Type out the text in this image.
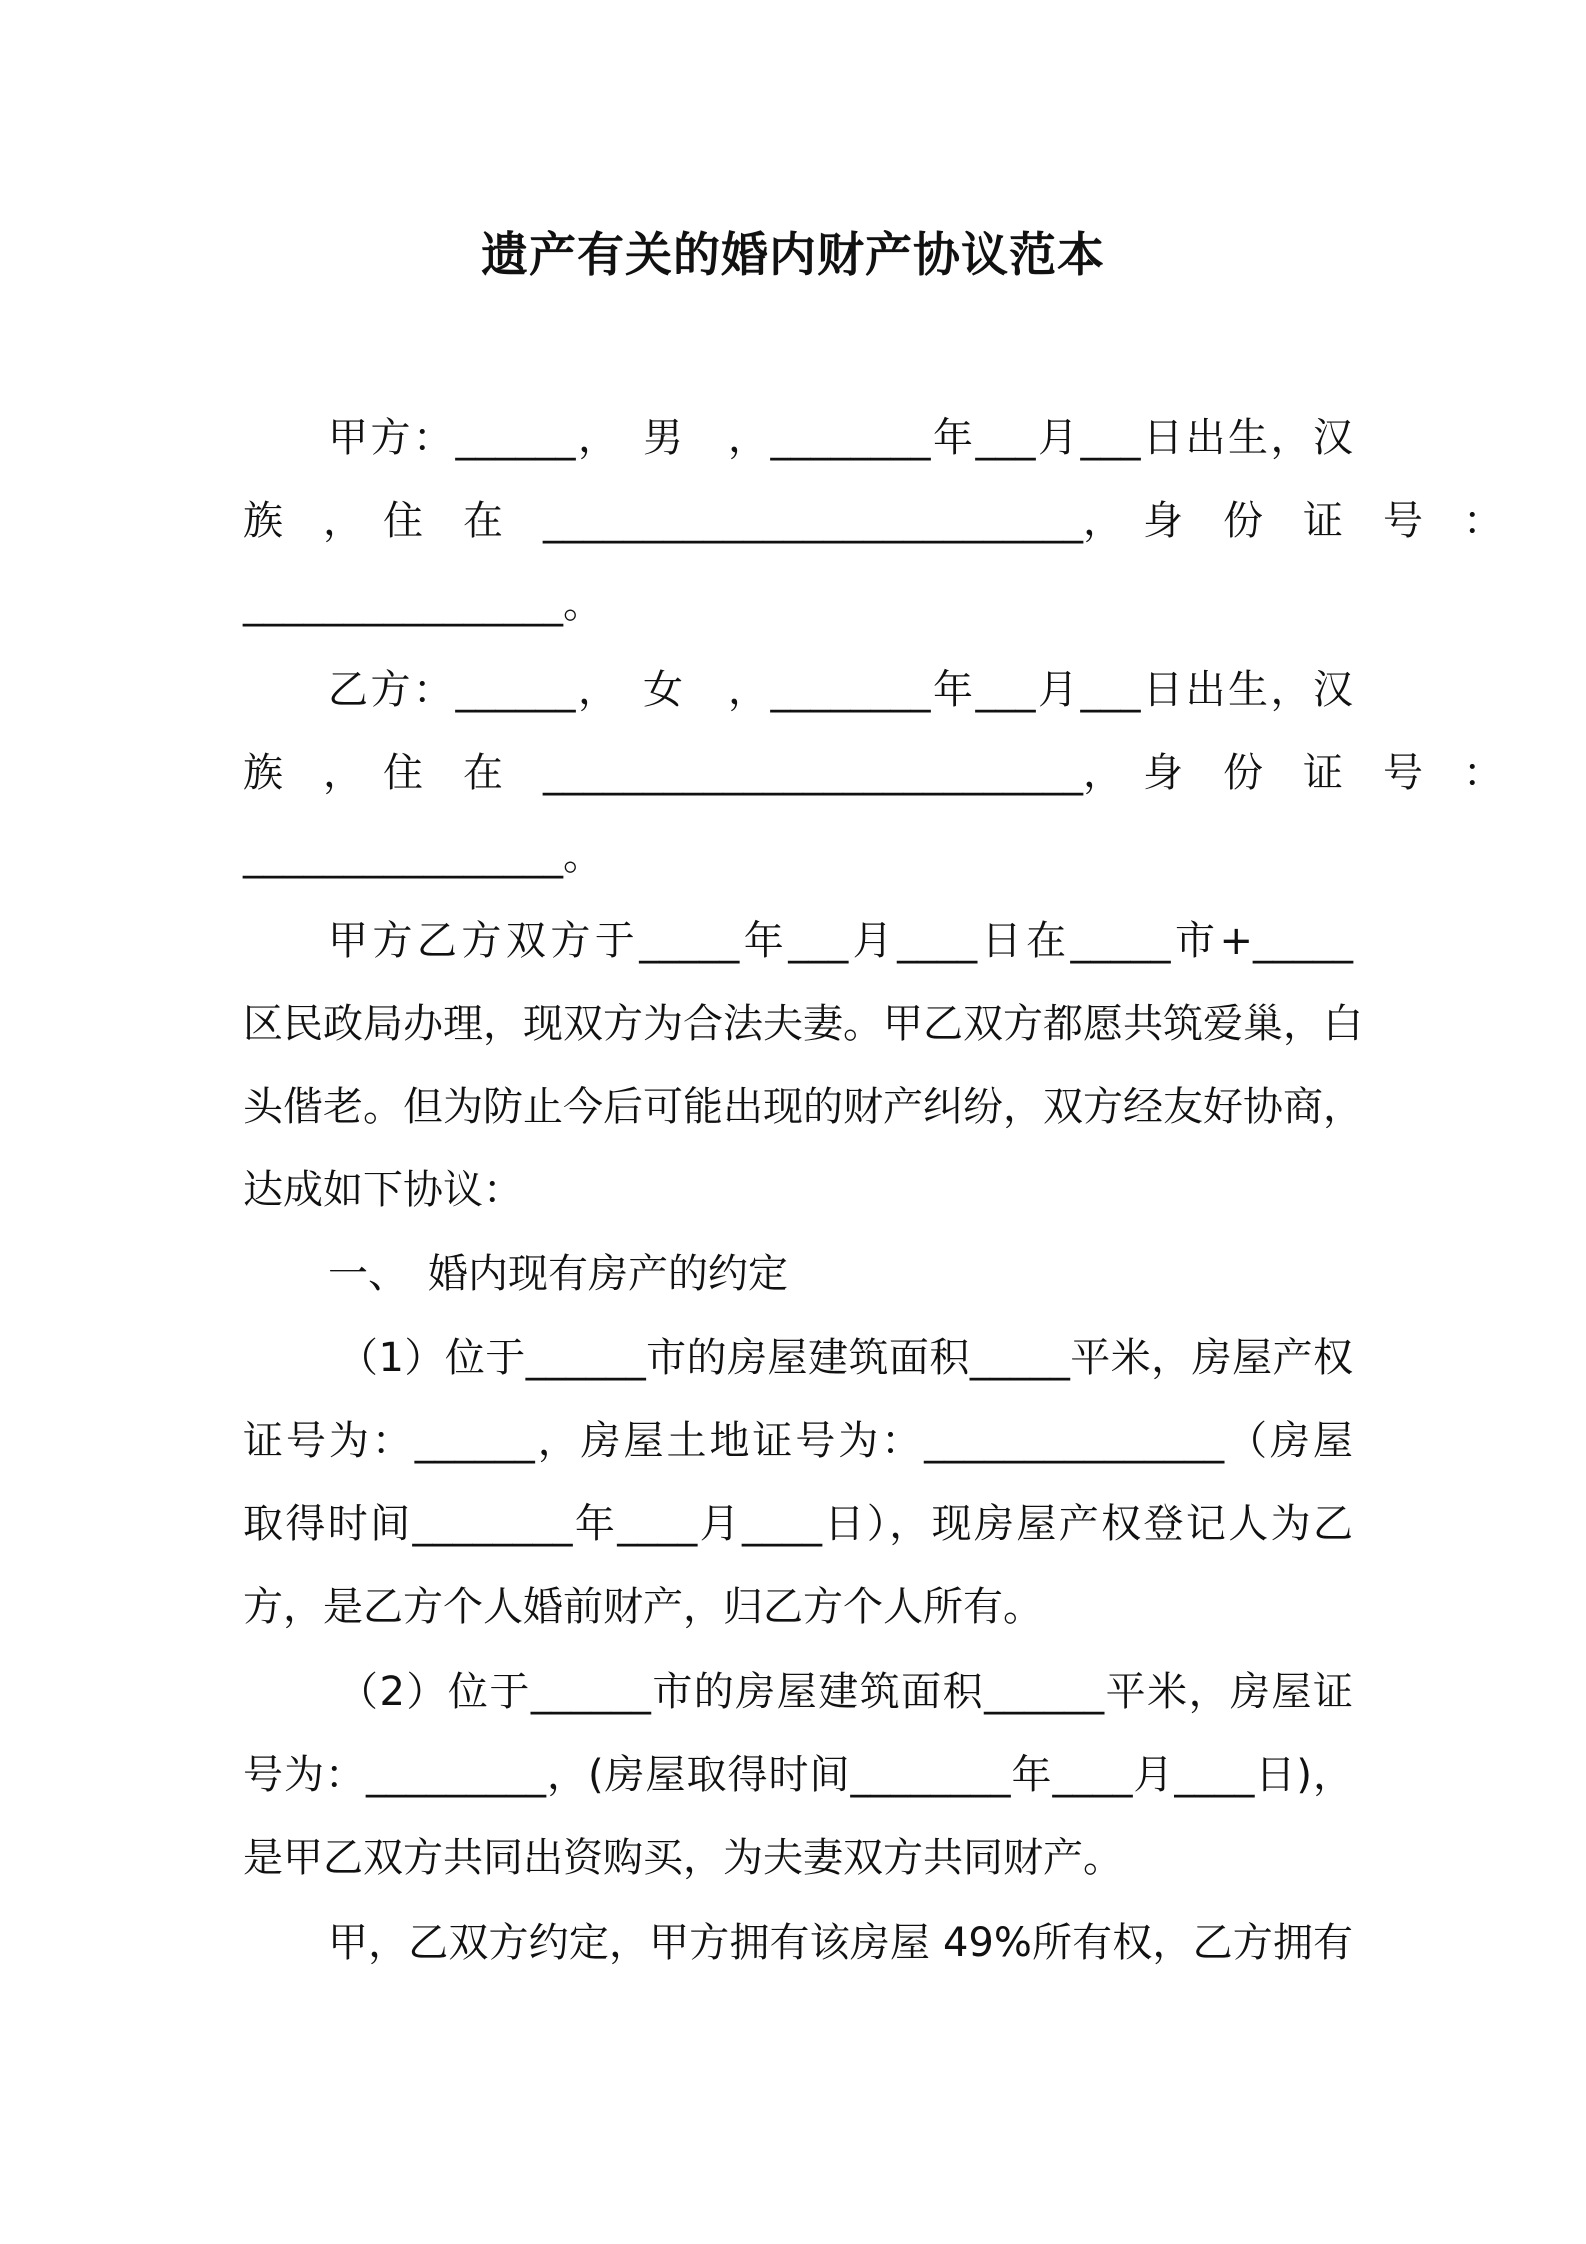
遗产有关的婚内财产协议范本
甲方：______，　男　，________年___月___日出生，汉
族　，　住　在　___________________________，　身　份　证　号　：
________________。
乙方：______，　女　，________年___月___日出生，汉
族　，　住　在　___________________________，　身　份　证　号　：
________________。
甲方乙方双方于_____年___月____日在_____市+_____
区民政局办理，现双方为合法夫妻。甲乙双方都愿共筑爱巢，白
头偕老。但为防止今后可能出现的财产纠纷，双方经友好协商，
达成如下协议：
一、　婚内现有房产的约定
（1）位于______市的房屋建筑面积_____平米，房屋产权
证号为：______，房屋土地证号为：_______________（房屋
取得时间________年____月____日），现房屋产权登记人为乙
方，是乙方个人婚前财产，归乙方个人所有。
（2）位于______市的房屋建筑面积______平米，房屋证
号为：_________，(房屋取得时间________年____月____日)，
是甲乙双方共同出资购买，为夫妻双方共同财产。
甲，乙双方约定，甲方拥有该房屋 49%所有权，乙方拥有
